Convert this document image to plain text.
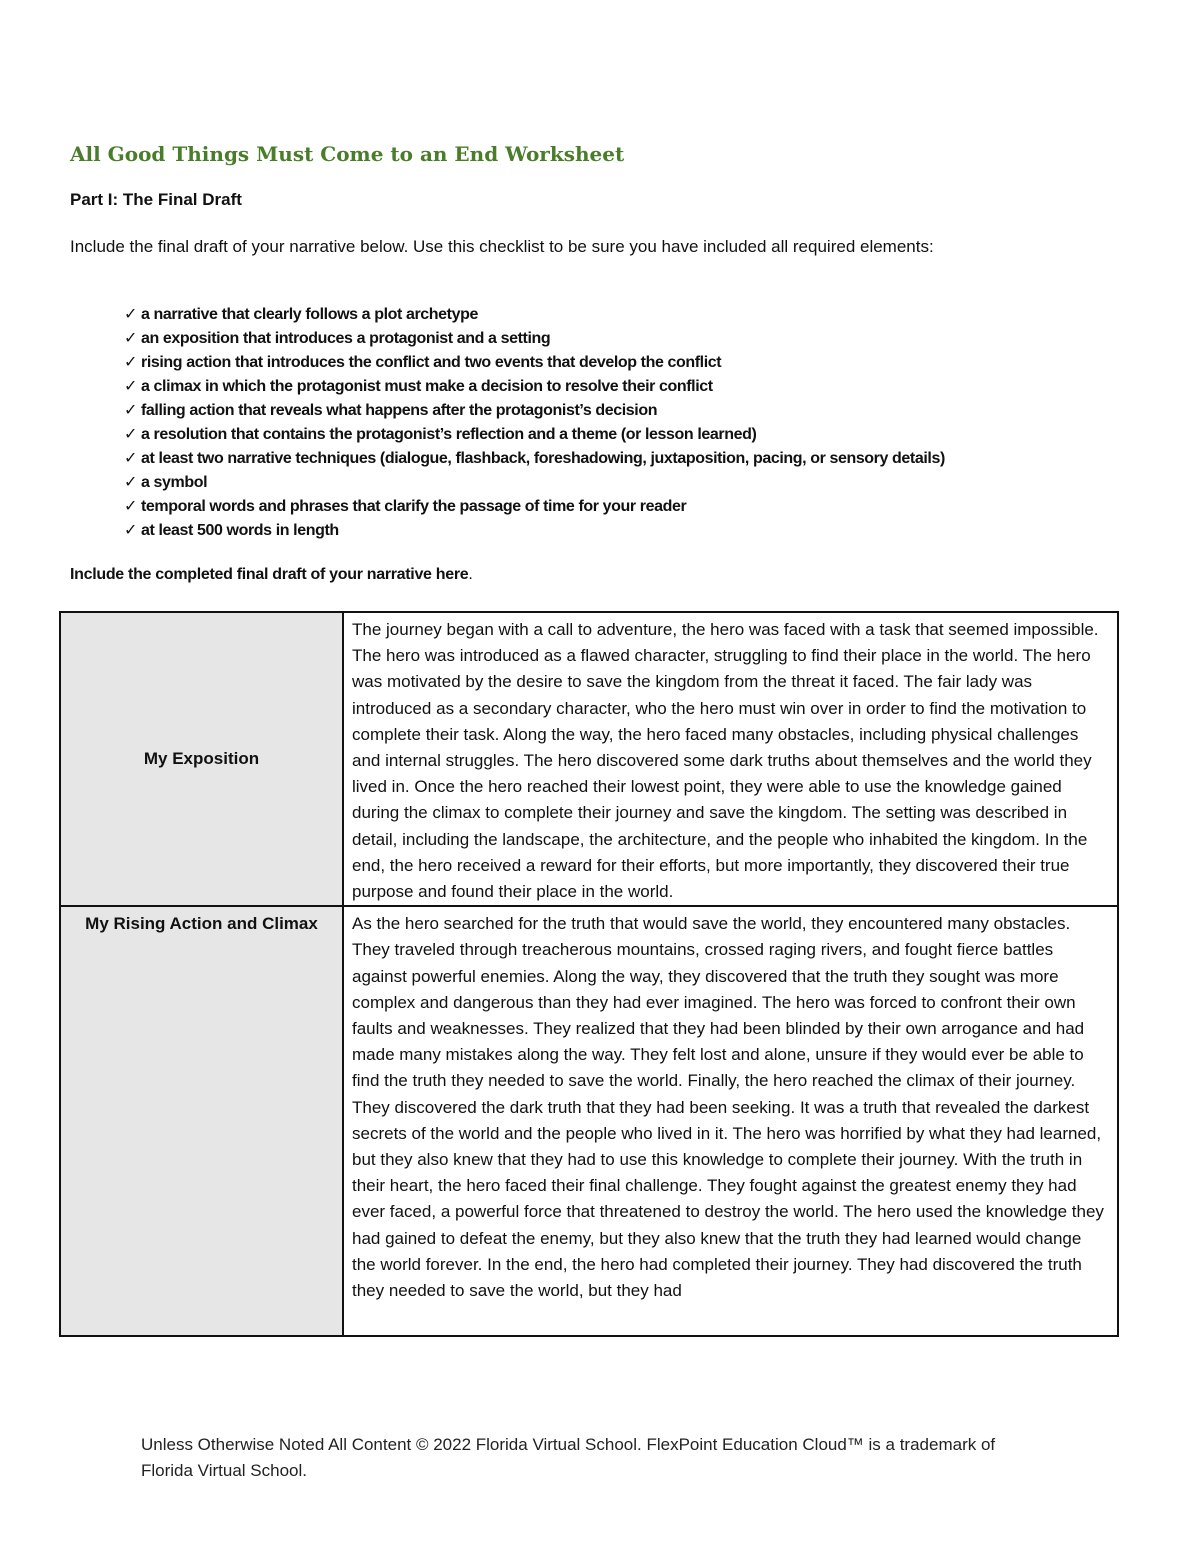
All Good Things Must Come to an End Worksheet

Part I: The Final Draft

Include the final draft of your narrative below. Use this checklist to be sure you have included all required elements:

✓ a narrative that clearly follows a plot archetype
✓ an exposition that introduces a protagonist and a setting
✓ rising action that introduces the conflict and two events that develop the conflict
✓ a climax in which the protagonist must make a decision to resolve their conflict
✓ falling action that reveals what happens after the protagonist’s decision
✓ a resolution that contains the protagonist’s reflection and a theme (or lesson learned)
✓ at least two narrative techniques (dialogue, flashback, foreshadowing, juxtaposition, pacing, or sensory details)
✓ a symbol
✓ temporal words and phrases that clarify the passage of time for your reader
✓ at least 500 words in length

Include the completed final draft of your narrative here.

My Exposition	The journey began with a call to adventure, the hero was faced with a task that seemed impossible. The hero was introduced as a flawed character, struggling to find their place in the world. The hero was motivated by the desire to save the kingdom from the threat it faced. The fair lady was introduced as a secondary character, who the hero must win over in order to find the motivation to complete their task. Along the way, the hero faced many obstacles, including physical challenges and internal struggles. The hero discovered some dark truths about themselves and the world they lived in. Once the hero reached their lowest point, they were able to use the knowledge gained during the climax to complete their journey and save the kingdom. The setting was described in detail, including the landscape, the architecture, and the people who inhabited the kingdom. In the end, the hero received a reward for their efforts, but more importantly, they discovered their true purpose and found their place in the world.
My Rising Action and Climax	As the hero searched for the truth that would save the world, they encountered many obstacles. They traveled through treacherous mountains, crossed raging rivers, and fought fierce battles against powerful enemies. Along the way, they discovered that the truth they sought was more complex and dangerous than they had ever imagined. The hero was forced to confront their own faults and weaknesses. They realized that they had been blinded by their own arrogance and had made many mistakes along the way. They felt lost and alone, unsure if they would ever be able to find the truth they needed to save the world. Finally, the hero reached the climax of their journey. They discovered the dark truth that they had been seeking. It was a truth that revealed the darkest secrets of the world and the people who lived in it. The hero was horrified by what they had learned, but they also knew that they had to use this knowledge to complete their journey. With the truth in their heart, the hero faced their final challenge. They fought against the greatest enemy they had ever faced, a powerful force that threatened to destroy the world. The hero used the knowledge they had gained to defeat the enemy, but they also knew that the truth they had learned would change the world forever. In the end, the hero had completed their journey. They had discovered the truth they needed to save the world, but they had

Unless Otherwise Noted All Content © 2022 Florida Virtual School. FlexPoint Education Cloud™ is a trademark of Florida Virtual School.
